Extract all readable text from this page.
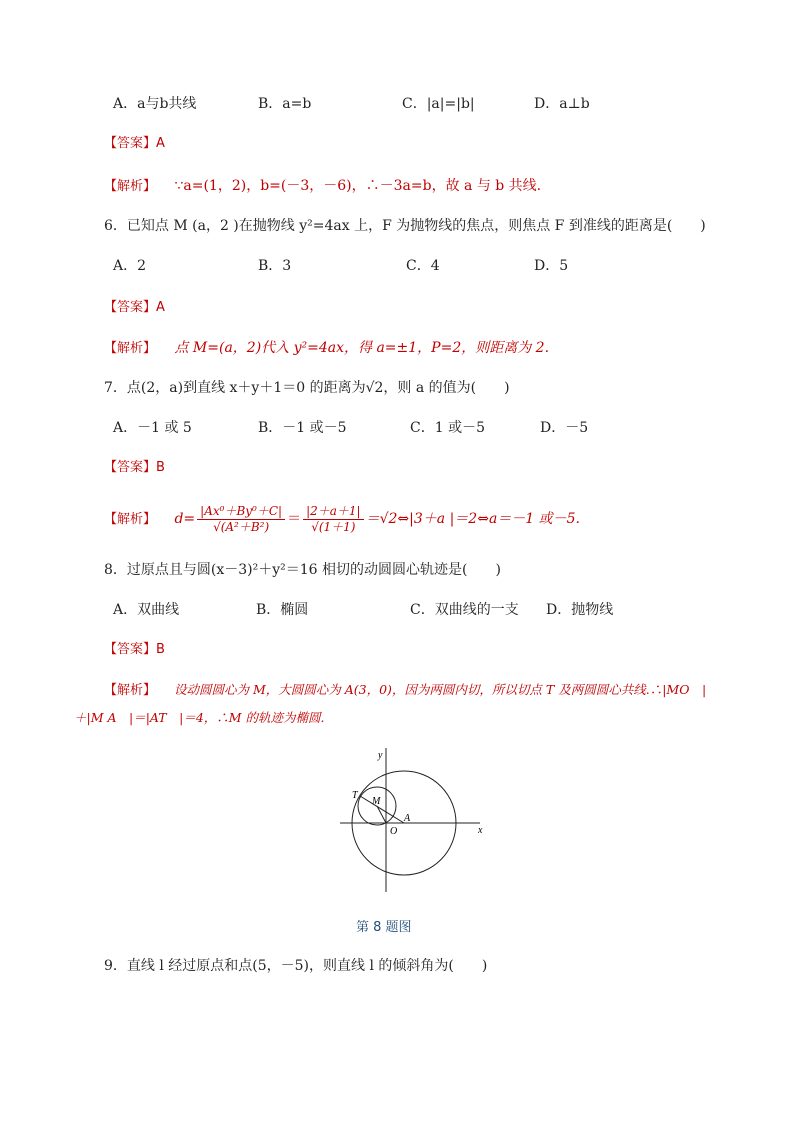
A．a与b共线	B．a=b	C．|a|=|b|	D．a⊥b
【答案】A
【解析】 ∵a=(1，2)，b=(－3，－6)，∴－3a=b，故 a 与 b 共线.
6．已知点 M (a，2 )在抛物线 y²=4ax 上，F 为抛物线的焦点，则焦点 F 到准线的距离是(　　)
A．2	B．3	C．4	D．5
【答案】A
【解析】 点 M=(a，2)代入 y²=4ax，得 a=±1，P=2，则距离为 2.
7．点(2，a)到直线 x＋y＋1＝0 的距离为√2，则 a 的值为(　　)
A．－1 或 5	B．－1 或－5	C．1 或－5	D．－5
【答案】B
【解析】 $d= \frac{\text{|Ax⁰＋By⁰＋C|}}{\text{√(A²＋B²)}} = \frac{|2+a+1|}{√(1+1)}$ ＝√2⇔|3＋a |＝2⇔a＝－1 或－5.
8．过原点且与圆(x－3)²＋y²＝16 相切的动圆圆心轨迹是(　　)
A．双曲线	B．椭圆	C．双曲线的一支 D．抛物线
【答案】B
【解析】 设动圆圆心为 M，大圆圆心为 A(3，0)，因为两圆内切，所以切点 T 及两圆圆心共线.∴|MO　|
＋|M A　|＝|AT　|＝4，∴M 的轨迹为椭圆.
y
x
O
A
M
T
第 8 题图
9．直线 l 经过原点和点(5，－5)，则直线 l 的倾斜角为(　　)
